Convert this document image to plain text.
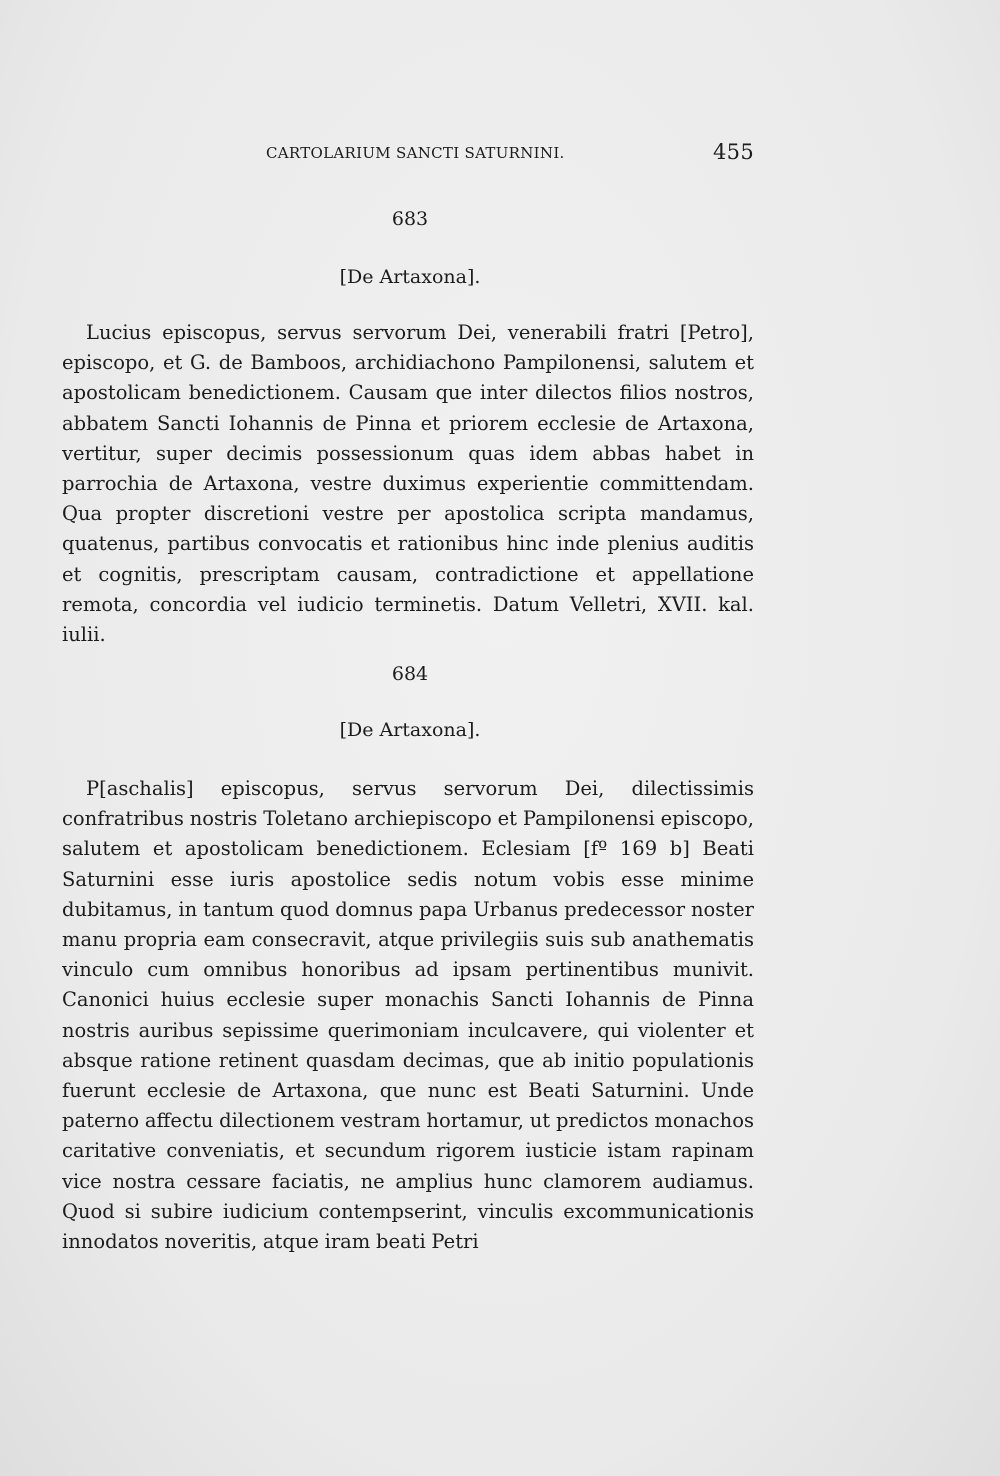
CARTOLARIUM SANCTI SATURNINI.	455
683
[De Artaxona].
Lucius episcopus, servus servorum Dei, venerabili fratri [Petro], episcopo, et G. de Bamboos, archidiachono Pampilonensi, salutem et apostolicam benedictionem. Causam que inter dilectos filios nostros, abbatem Sancti Iohannis de Pinna et priorem ecclesie de Artaxona, vertitur, super decimis possessionum quas idem abbas habet in parrochia de Artaxona, vestre duximus experientie committendam. Qua propter discretioni vestre per apostolica scripta mandamus, quatenus, partibus convocatis et rationibus hinc inde plenius auditis et cognitis, prescriptam causam, contradictione et appellatione remota, concordia vel iudicio terminetis. Datum Velletri, XVII. kal. iulii.
684
[De Artaxona].
P[aschalis] episcopus, servus servorum Dei, dilectissimis confratribus nostris Toletano archiepiscopo et Pampilonensi episcopo, salutem et apostolicam benedictionem. Eclesiam [fº 169 b] Beati Saturnini esse iuris apostolice sedis notum vobis esse minime dubitamus, in tantum quod domnus papa Urbanus predecessor noster manu propria eam consecravit, atque privilegiis suis sub anathematis vinculo cum omnibus honoribus ad ipsam pertinentibus munivit. Canonici huius ecclesie super monachis Sancti Iohannis de Pinna nostris auribus sepissime querimoniam inculcavere, qui violenter et absque ratione retinent quasdam decimas, que ab initio populationis fuerunt ecclesie de Artaxona, que nunc est Beati Saturnini. Unde paterno affectu dilectionem vestram hortamur, ut predictos monachos caritative conveniatis, et secundum rigorem iusticie istam rapinam vice nostra cessare faciatis, ne amplius hunc clamorem audiamus. Quod si subire iudicium contempserint, vinculis excommunicationis innodatos noveritis, atque iram beati Petri
